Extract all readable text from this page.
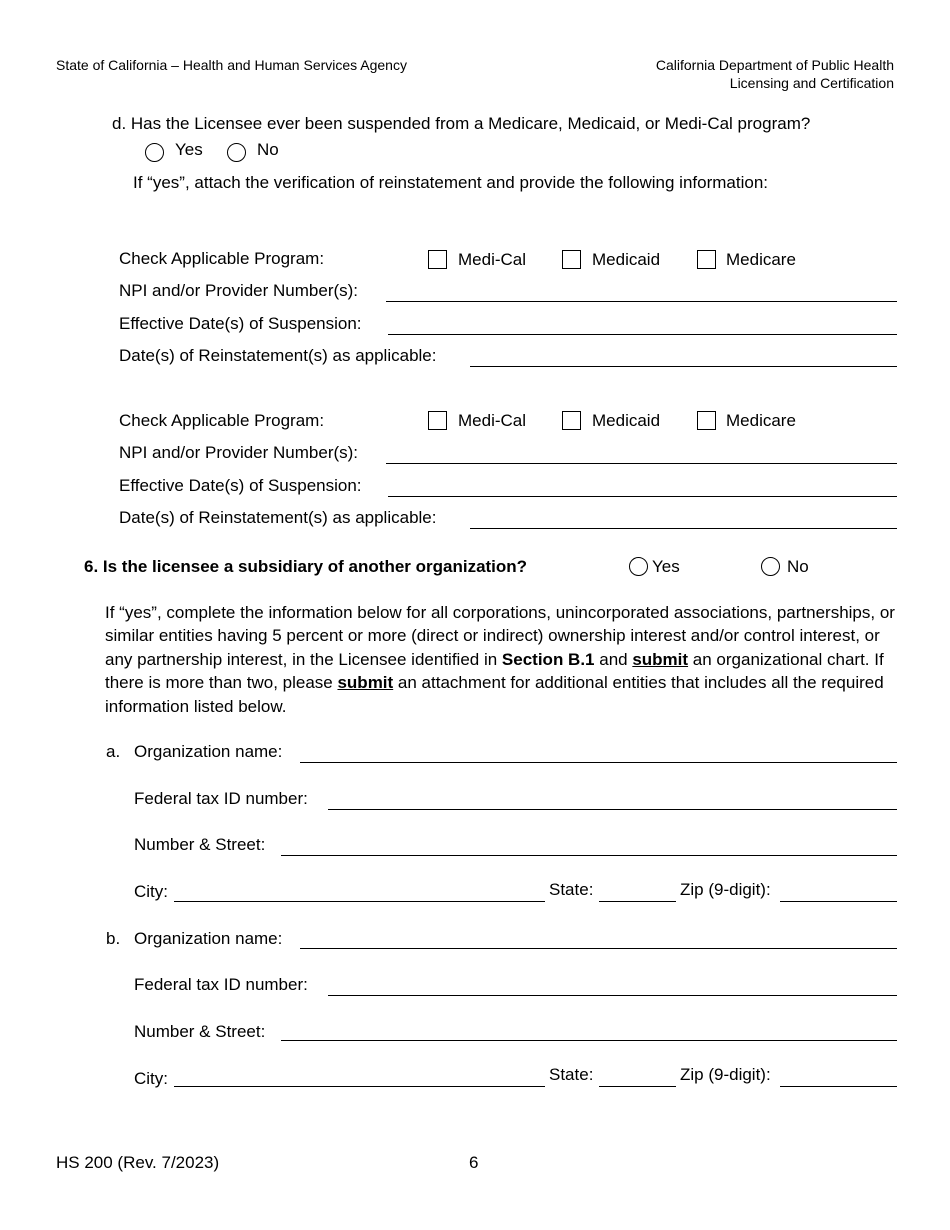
State of California – Health and Human Services Agency	California Department of Public Health
Licensing and Certification
d. Has the Licensee ever been suspended from a Medicare, Medicaid, or Medi-Cal program?
Yes	No
If “yes”, attach the verification of reinstatement and provide the following information:
Check Applicable Program:	Medi-Cal	Medicaid	Medicare
NPI and/or Provider Number(s):
Effective Date(s) of Suspension:
Date(s) of Reinstatement(s) as applicable:
Check Applicable Program:	Medi-Cal	Medicaid	Medicare
NPI and/or Provider Number(s):
Effective Date(s) of Suspension:
Date(s) of Reinstatement(s) as applicable:
6. Is the licensee a subsidiary of another organization?	Yes	No
If “yes”, complete the information below for all corporations, unincorporated associations, partnerships, or similar entities having 5 percent or more (direct or indirect) ownership interest and/or control interest, or any partnership interest, in the Licensee identified in Section B.1 and submit an organizational chart. If there is more than two, please submit an attachment for additional entities that includes all the required information listed below.
a. Organization name:
Federal tax ID number:
Number & Street:
City:	State:	Zip (9-digit):
b. Organization name:
Federal tax ID number:
Number & Street:
City:	State:	Zip (9-digit):
HS 200 (Rev. 7/2023)	6
